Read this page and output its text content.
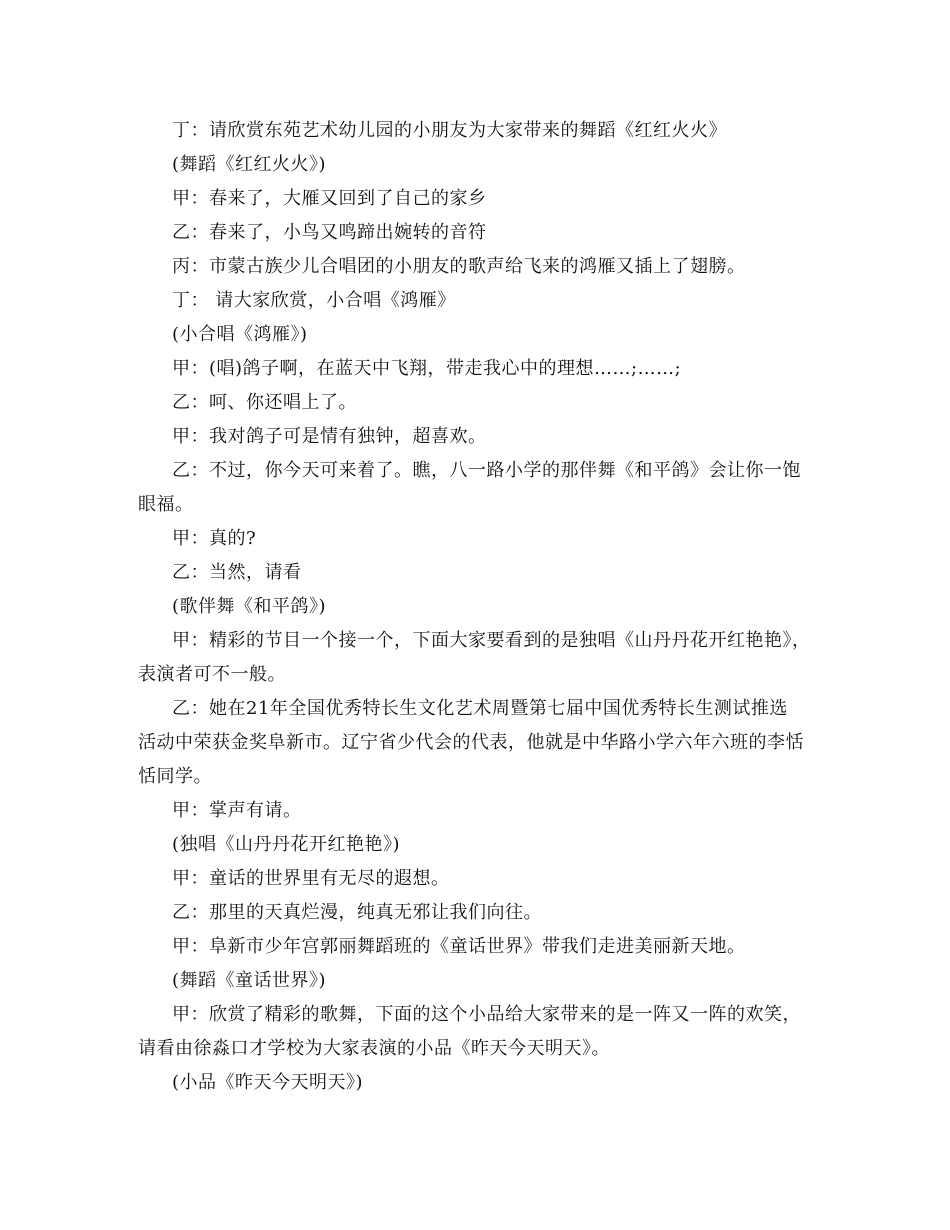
丁：请欣赏东苑艺术幼儿园的小朋友为大家带来的舞蹈《红红火火》
(舞蹈《红红火火》)
甲：春来了，大雁又回到了自己的家乡
乙：春来了，小鸟又鸣蹄出婉转的音符
丙：市蒙古族少儿合唱团的小朋友的歌声给飞来的鸿雁又插上了翅膀。
丁： 请大家欣赏，小合唱《鸿雁》
(小合唱《鸿雁》)
甲：(唱)鸽子啊，在蓝天中飞翔，带走我心中的理想……;……;
乙：呵、你还唱上了。
甲：我对鸽子可是情有独钟，超喜欢。
乙：不过，你今天可来着了。瞧，八一路小学的那伴舞《和平鸽》会让你一饱
眼福。
甲：真的?
乙：当然，请看
(歌伴舞《和平鸽》)
甲：精彩的节目一个接一个，下面大家要看到的是独唱《山丹丹花开红艳艳》，
表演者可不一般。
乙：她在21年全国优秀特长生文化艺术周暨第七届中国优秀特长生测试推选
活动中荣获金奖阜新市。辽宁省少代会的代表，他就是中华路小学六年六班的李恬
恬同学。
甲：掌声有请。
(独唱《山丹丹花开红艳艳》)
甲：童话的世界里有无尽的遐想。
乙：那里的天真烂漫，纯真无邪让我们向往。
甲：阜新市少年宫郭丽舞蹈班的《童话世界》带我们走进美丽新天地。
(舞蹈《童话世界》)
甲：欣赏了精彩的歌舞，下面的这个小品给大家带来的是一阵又一阵的欢笑，
请看由徐淼口才学校为大家表演的小品《昨天今天明天》。
(小品《昨天今天明天》)
